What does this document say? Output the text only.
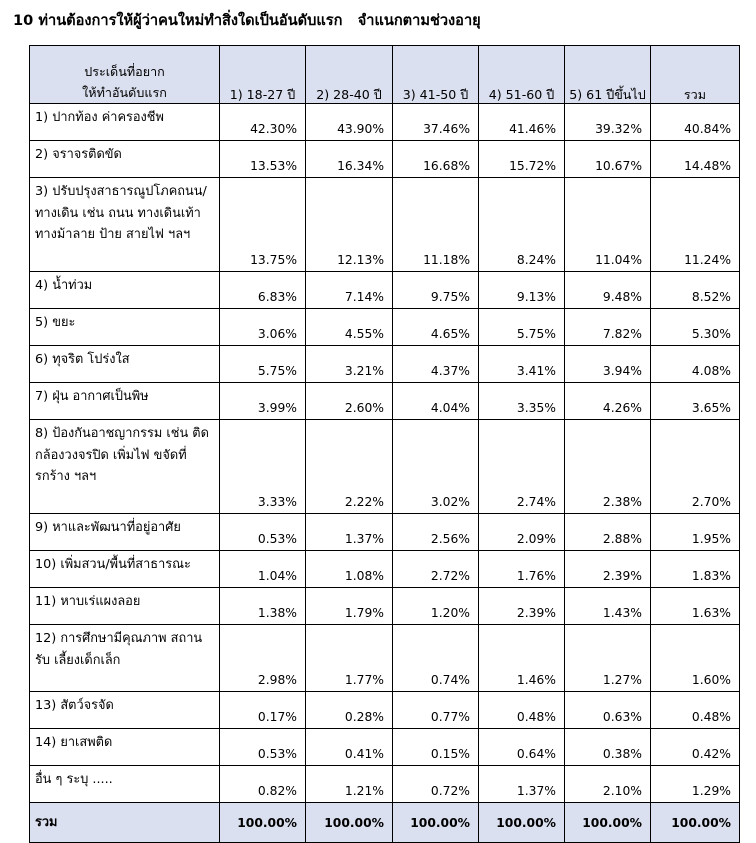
10 ท่านต้องการให้ผู้ว่าคนใหม่ทำสิ่งใดเป็นอันดับแรก   จำแนกตามช่วงอายุ
ประเด็นที่อยาก
ให้ทำอันดับแรก	1) 18-27 ปี	2) 28-40 ปี	3) 41-50 ปี	4) 51-60 ปี	5) 61 ปีขึ้นไป	รวม
1) ปากท้อง ค่าครองชีพ	42.30%	43.90%	37.46%	41.46%	39.32%	40.84%
2) จราจรติดขัด	13.53%	16.34%	16.68%	15.72%	10.67%	14.48%
3) ปรับปรุงสาธารณูปโภคถนน/ ทางเดิน เช่น ถนน ทางเดินเท้า ทางม้าลาย ป้าย สายไฟ ฯลฯ	13.75%	12.13%	11.18%	8.24%	11.04%	11.24%
4) น้ำท่วม	6.83%	7.14%	9.75%	9.13%	9.48%	8.52%
5) ขยะ	3.06%	4.55%	4.65%	5.75%	7.82%	5.30%
6) ทุจริต โปร่งใส	5.75%	3.21%	4.37%	3.41%	3.94%	4.08%
7) ฝุ่น อากาศเป็นพิษ	3.99%	2.60%	4.04%	3.35%	4.26%	3.65%
8) ป้องกันอาชญากรรม เช่น ติด กล้องวงจรปิด เพิ่มไฟ ขจัดที่รกร้าง ฯลฯ	3.33%	2.22%	3.02%	2.74%	2.38%	2.70%
9) หาและพัฒนาที่อยู่อาศัย	0.53%	1.37%	2.56%	2.09%	2.88%	1.95%
10) เพิ่มสวน/พื้นที่สาธารณะ	1.04%	1.08%	2.72%	1.76%	2.39%	1.83%
11) หาบเร่แผงลอย	1.38%	1.79%	1.20%	2.39%	1.43%	1.63%
12) การศึกษามีคุณภาพ สถานรับ เลี้ยงเด็กเล็ก	2.98%	1.77%	0.74%	1.46%	1.27%	1.60%
13) สัตว์จรจัด	0.17%	0.28%	0.77%	0.48%	0.63%	0.48%
14) ยาเสพติด	0.53%	0.41%	0.15%	0.64%	0.38%	0.42%
อื่น ๆ ระบุ .....	0.82%	1.21%	0.72%	1.37%	2.10%	1.29%
รวม	100.00%	100.00%	100.00%	100.00%	100.00%	100.00%
